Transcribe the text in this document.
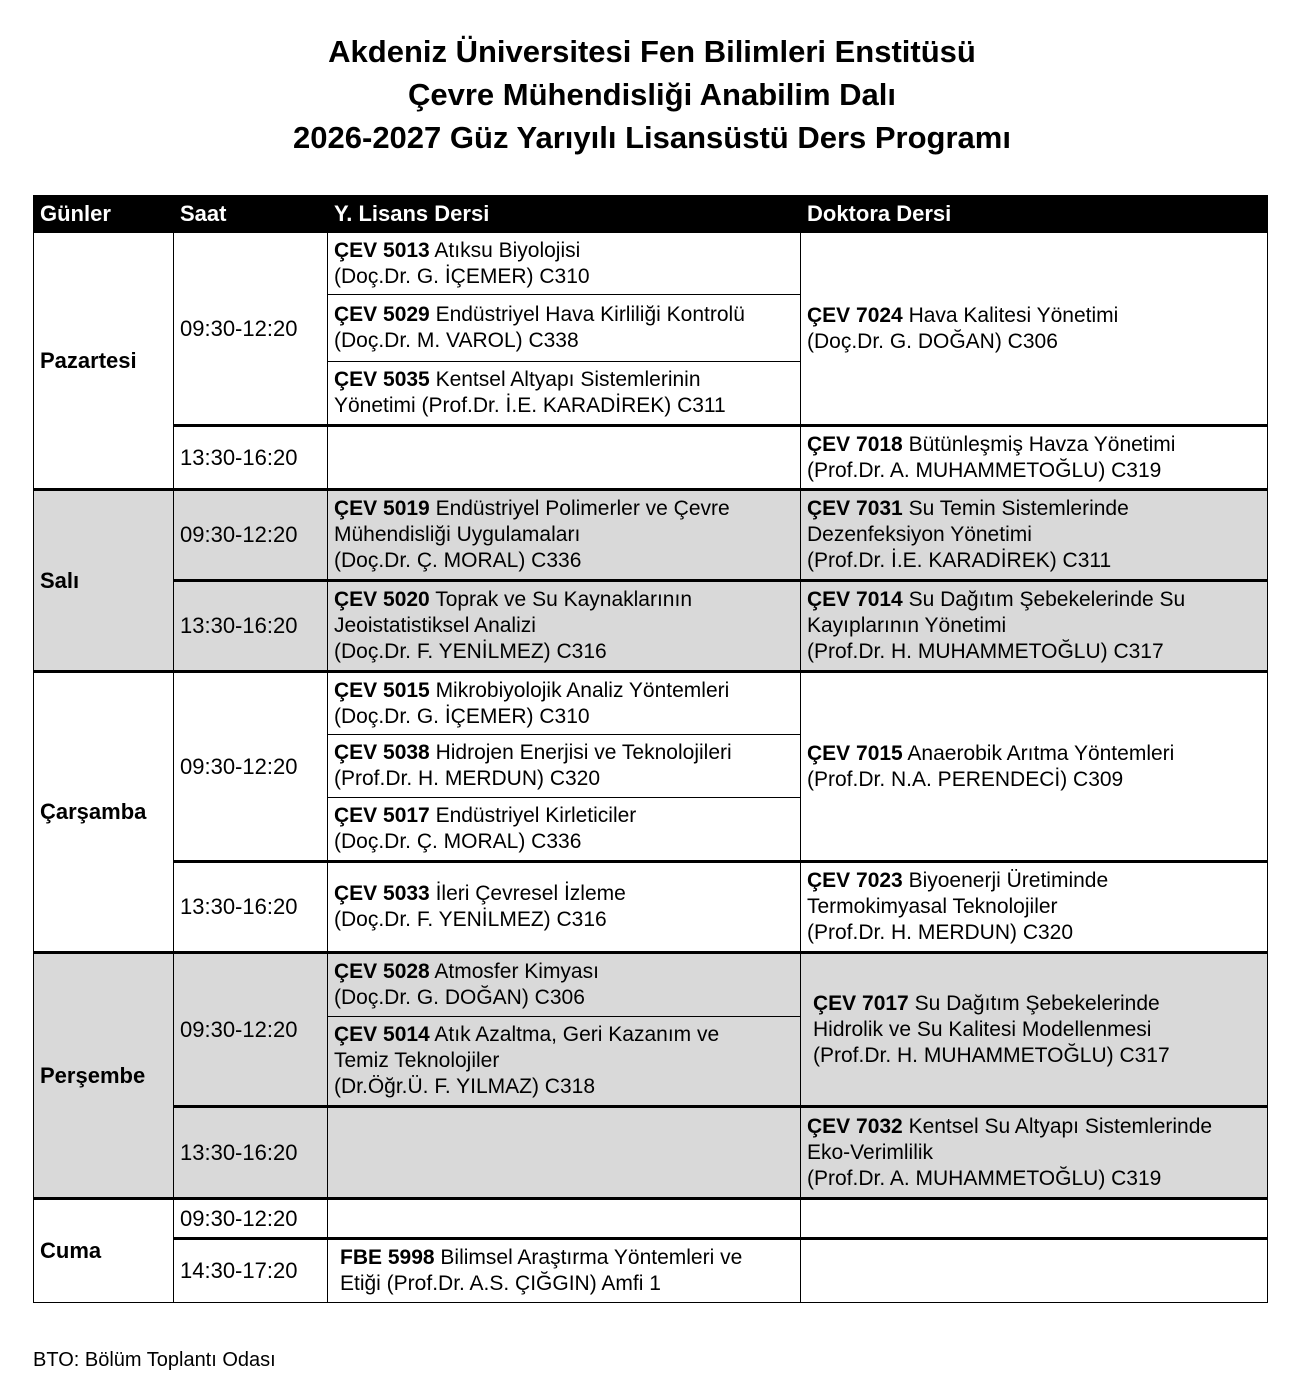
Akdeniz Üniversitesi Fen Bilimleri Enstitüsü
Çevre Mühendisliği Anabilim Dalı
2026-2027 Güz Yarıyılı Lisansüstü Ders Programı
Günler	Saat	Y. Lisans Dersi	Doktora Dersi
Pazartesi	09:30-12:20	ÇEV 5013 Atıksu Biyolojisi
(Doç.Dr. G. İÇEMER) C310	ÇEV 7024 Hava Kalitesi Yönetimi
(Doç.Dr. G. DOĞAN) C306
		ÇEV 5029 Endüstriyel Hava Kirliliği Kontrolü
(Doç.Dr. M. VAROL) C338	
		ÇEV 5035 Kentsel Altyapı Sistemlerinin
Yönetimi (Prof.Dr. İ.E. KARADİREK) C311	
	13:30-16:20		ÇEV 7018 Bütünleşmiş Havza Yönetimi
(Prof.Dr. A. MUHAMMETOĞLU) C319
Salı	09:30-12:20	ÇEV 5019 Endüstriyel Polimerler ve Çevre
Mühendisliği Uygulamaları
(Doç.Dr. Ç. MORAL) C336	ÇEV 7031 Su Temin Sistemlerinde
Dezenfeksiyon Yönetimi
(Prof.Dr. İ.E. KARADİREK) C311
	13:30-16:20	ÇEV 5020 Toprak ve Su Kaynaklarının
Jeoistatistiksel Analizi
(Doç.Dr. F. YENİLMEZ) C316	ÇEV 7014 Su Dağıtım Şebekelerinde Su
Kayıplarının Yönetimi
(Prof.Dr. H. MUHAMMETOĞLU) C317
Çarşamba	09:30-12:20	ÇEV 5015 Mikrobiyolojik Analiz Yöntemleri
(Doç.Dr. G. İÇEMER) C310	ÇEV 7015 Anaerobik Arıtma Yöntemleri
(Prof.Dr. N.A. PERENDECİ) C309
		ÇEV 5038 Hidrojen Enerjisi ve Teknolojileri
(Prof.Dr. H. MERDUN) C320	
		ÇEV 5017 Endüstriyel Kirleticiler
(Doç.Dr. Ç. MORAL) C336	
	13:30-16:20	ÇEV 5033 İleri Çevresel İzleme
(Doç.Dr. F. YENİLMEZ) C316	ÇEV 7023 Biyoenerji Üretiminde
Termokimyasal Teknolojiler
(Prof.Dr. H. MERDUN) C320
Perşembe	09:30-12:20	ÇEV 5028 Atmosfer Kimyası
(Doç.Dr. G. DOĞAN) C306	ÇEV 7017 Su Dağıtım Şebekelerinde
Hidrolik ve Su Kalitesi Modellenmesi
(Prof.Dr. H. MUHAMMETOĞLU) C317
		ÇEV 5014 Atık Azaltma, Geri Kazanım ve
Temiz Teknolojiler
(Dr.Öğr.Ü. F. YILMAZ) C318	
	13:30-16:20		ÇEV 7032 Kentsel Su Altyapı Sistemlerinde
Eko-Verimlilik
(Prof.Dr. A. MUHAMMETOĞLU) C319
Cuma	09:30-12:20		
	14:30-17:20	FBE 5998 Bilimsel Araştırma Yöntemleri ve
Etiği (Prof.Dr. A.S. ÇIĞGIN) Amfi 1	
BTO: Bölüm Toplantı Odası
